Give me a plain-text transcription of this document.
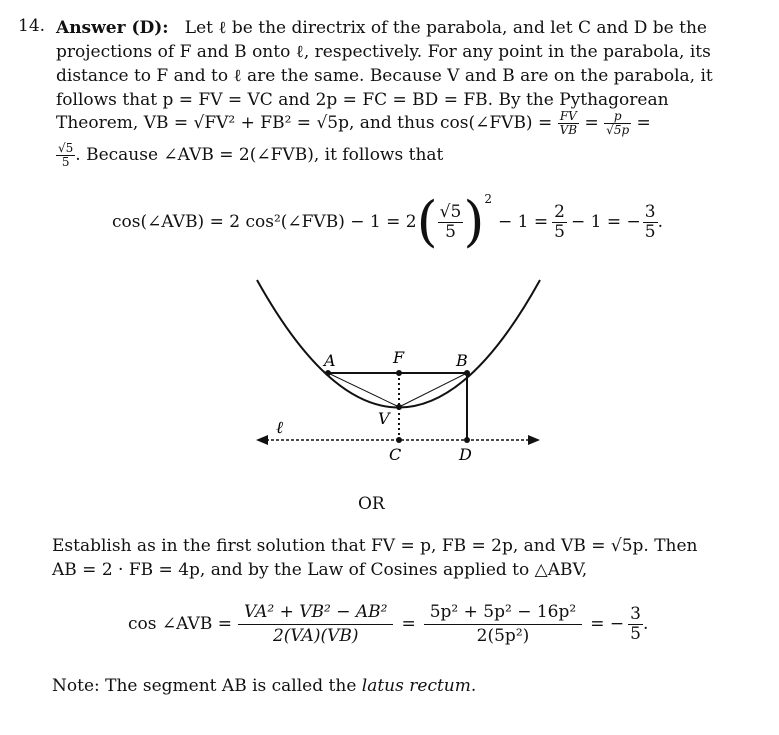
14. Answer (D): Let ℓ be the directrix of the parabola, and let C and D be the
projections of F and B onto ℓ, respectively. For any point in the parabola, its
distance to F and to ℓ are the same. Because V and B are on the parabola, it
follows that p = FV = VC and 2p = FC = BD = FB. By the Pythagorean
Theorem, VB = √FV² + FB² = √5p, and thus cos(∠FVB) = $\frac{FV}{VB} = \frac{p}{√5p}$ =
$\frac{√5}{5}$ . Because ∠AVB = 2(∠FVB), it follows that
cos(∠AVB) = 2 cos²(∠FVB) − 1 = 2 ( $\frac{√5}{5}$ ) 2
− $1 = \frac{2}{5} - 1$ = − $\frac{3}{5}$ .
A	F	B
V
C	D
ℓ
OR
Establish as in the first solution that FV = p, FB = 2p, and VB = √5p. Then
AB = 2 · FB = 4p, and by the Law of Cosines applied to △ABV,
cos ∠AVB = $\frac{\text{VA² + VB² − AB²}}{2(VA)(VB)} = \frac{\text{5p² + 5p² − 16p²}}{\text{2(5p²)}}$ = − $\frac{3}{5}$ .
Note: The segment AB is called the latus rectum.
